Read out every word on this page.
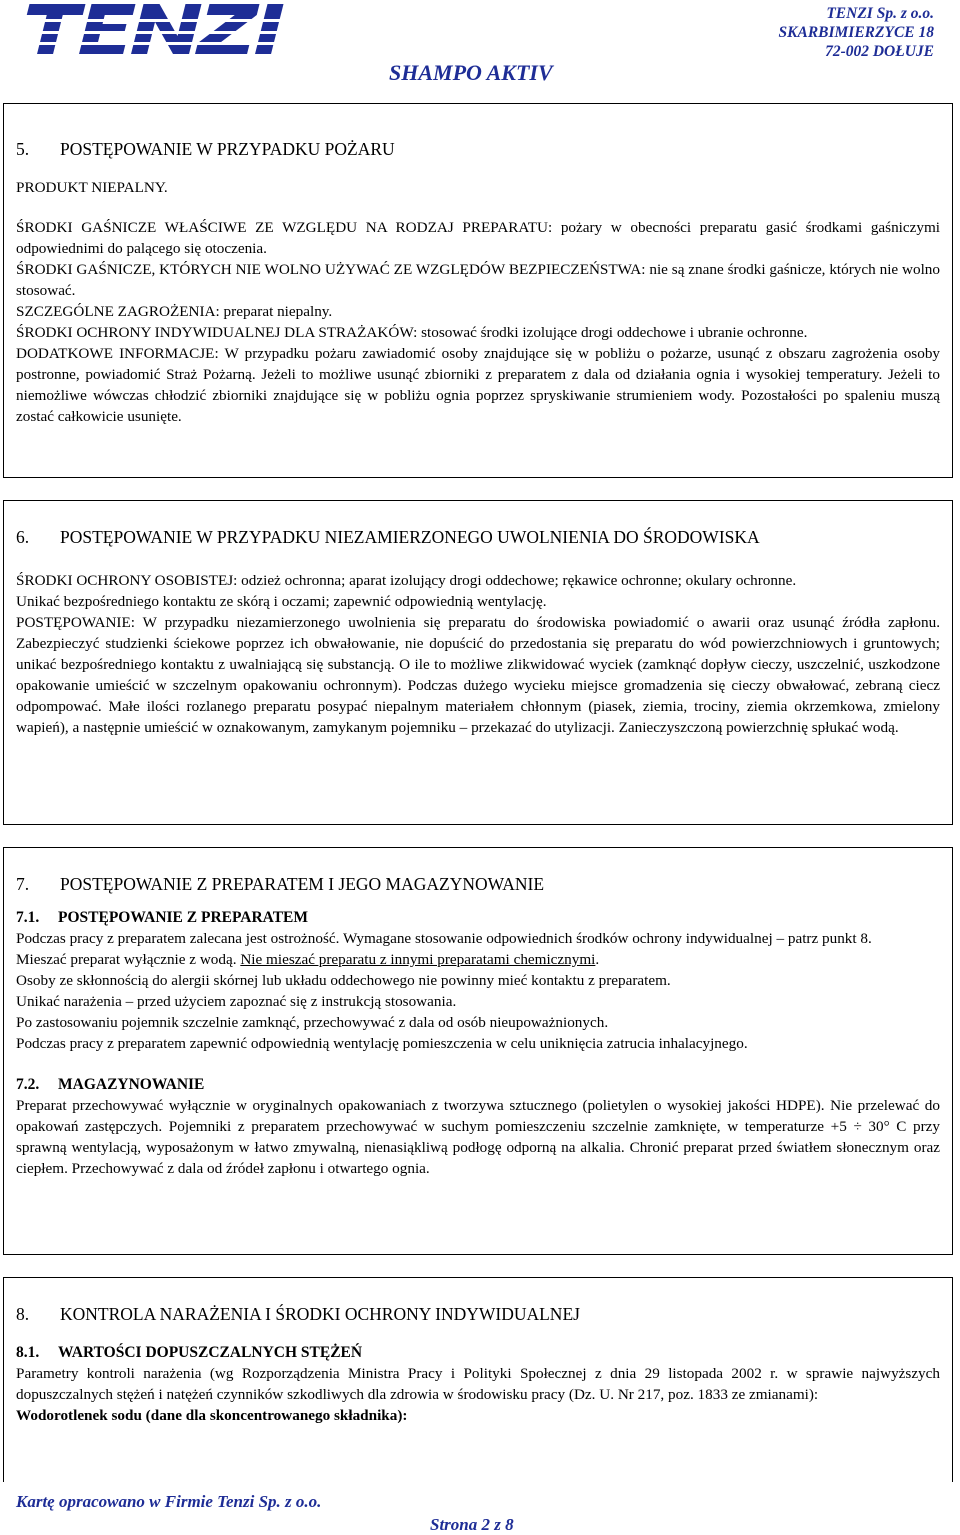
TENZI Sp. z o.o.
SKARBIMIERZYCE 18
72-002 DOŁUJE
SHAMPO AKTIV
5. POSTĘPOWANIE W PRZYPADKU POŻARU

PRODUKT NIEPALNY.

ŚRODKI GAŚNICZE WŁAŚCIWE ZE WZGLĘDU NA RODZAJ PREPARATU: pożary w obecności preparatu gasić środkami gaśniczymi odpowiednimi do palącego się otoczenia.

ŚRODKI GAŚNICZE, KTÓRYCH NIE WOLNO UŻYWAĆ ZE WZGLĘDÓW BEZPIECZEŃSTWA: nie są znane środki gaśnicze, których nie wolno stosować.

SZCZEGÓLNE ZAGROŻENIA: preparat niepalny.

ŚRODKI OCHRONY INDYWIDUALNEJ DLA STRAŻAKÓW: stosować środki izolujące drogi oddechowe i ubranie ochronne.

DODATKOWE INFORMACJE: W przypadku pożaru zawiadomić osoby znajdujące się w pobliżu o pożarze, usunąć z obszaru zagrożenia osoby postronne, powiadomić Straż Pożarną. Jeżeli to możliwe usunąć zbiorniki z preparatem z dala od działania ognia i wysokiej temperatury. Jeżeli to niemożliwe wówczas chłodzić zbiorniki znajdujące się w pobliżu ognia poprzez spryskiwanie strumieniem wody. Pozostałości po spaleniu muszą zostać całkowicie usunięte.

6. POSTĘPOWANIE W PRZYPADKU NIEZAMIERZONEGO UWOLNIENIA DO ŚRODOWISKA

ŚRODKI OCHRONY OSOBISTEJ: odzież ochronna; aparat izolujący drogi oddechowe; rękawice ochronne; okulary ochronne.

Unikać bezpośredniego kontaktu ze skórą i oczami; zapewnić odpowiednią wentylację.

POSTĘPOWANIE: W przypadku niezamierzonego uwolnienia się preparatu do środowiska powiadomić o awarii oraz usunąć źródła zapłonu. Zabezpieczyć studzienki ściekowe poprzez ich obwałowanie, nie dopuścić do przedostania się preparatu do wód powierzchniowych i gruntowych; unikać bezpośredniego kontaktu z uwalniającą się substancją. O ile to możliwe zlikwidować wyciek (zamknąć dopływ cieczy, uszczelnić, uszkodzone opakowanie umieścić w szczelnym opakowaniu ochronnym). Podczas dużego wycieku miejsce gromadzenia się cieczy obwałować, zebraną ciecz odpompować. Małe ilości rozlanego preparatu posypać niepalnym materiałem chłonnym (piasek, ziemia, trociny, ziemia okrzemkowa, zmielony wapień), a następnie umieścić w oznakowanym, zamykanym pojemniku – przekazać do utylizacji. Zanieczyszczoną powierzchnię spłukać wodą.

7. POSTĘPOWANIE Z PREPARATEM I JEGO MAGAZYNOWANIE
7.1. POSTĘPOWANIE Z PREPARATEM

Podczas pracy z preparatem zalecana jest ostrożność. Wymagane stosowanie odpowiednich środków ochrony indywidualnej – patrz punkt 8.

Mieszać preparat wyłącznie z wodą. Nie mieszać preparatu z innymi preparatami chemicznymi.

Osoby ze skłonnością do alergii skórnej lub układu oddechowego nie powinny mieć kontaktu z preparatem.

Unikać narażenia – przed użyciem zapoznać się z instrukcją stosowania.

Po zastosowaniu pojemnik szczelnie zamknąć, przechowywać z dala od osób nieupoważnionych.

Podczas pracy z preparatem zapewnić odpowiednią wentylację pomieszczenia w celu uniknięcia zatrucia inhalacyjnego.

7.2. MAGAZYNOWANIE

Preparat przechowywać wyłącznie w oryginalnych opakowaniach z tworzywa sztucznego (polietylen o wysokiej jakości HDPE). Nie przelewać do opakowań zastępczych. Pojemniki z preparatem przechowywać w suchym pomieszczeniu szczelnie zamknięte, w temperaturze +5 ÷ 30° C przy sprawną wentylacją, wyposażonym w łatwo zmywalną, nienasiąkliwą podłogę odporną na alkalia. Chronić preparat przed światłem słonecznym oraz ciepłem. Przechowywać z dala od źródeł zapłonu i otwartego ognia.

8. KONTROLA NARAŻENIA I ŚRODKI OCHRONY INDYWIDUALNEJ
8.1. WARTOŚCI DOPUSZCZALNYCH STĘŻEŃ

Parametry kontroli narażenia (wg Rozporządzenia Ministra Pracy i Polityki Społecznej z dnia 29 listopada 2002 r. w sprawie najwyższych dopuszczalnych stężeń i natężeń czynników szkodliwych dla zdrowia w środowisku pracy (Dz. U. Nr 217, poz. 1833 ze zmianami):

Wodorotlenek sodu (dane dla skoncentrowanego składnika):

Kartę opracowano w Firmie Tenzi Sp. z o.o.
Strona 2 z 8
